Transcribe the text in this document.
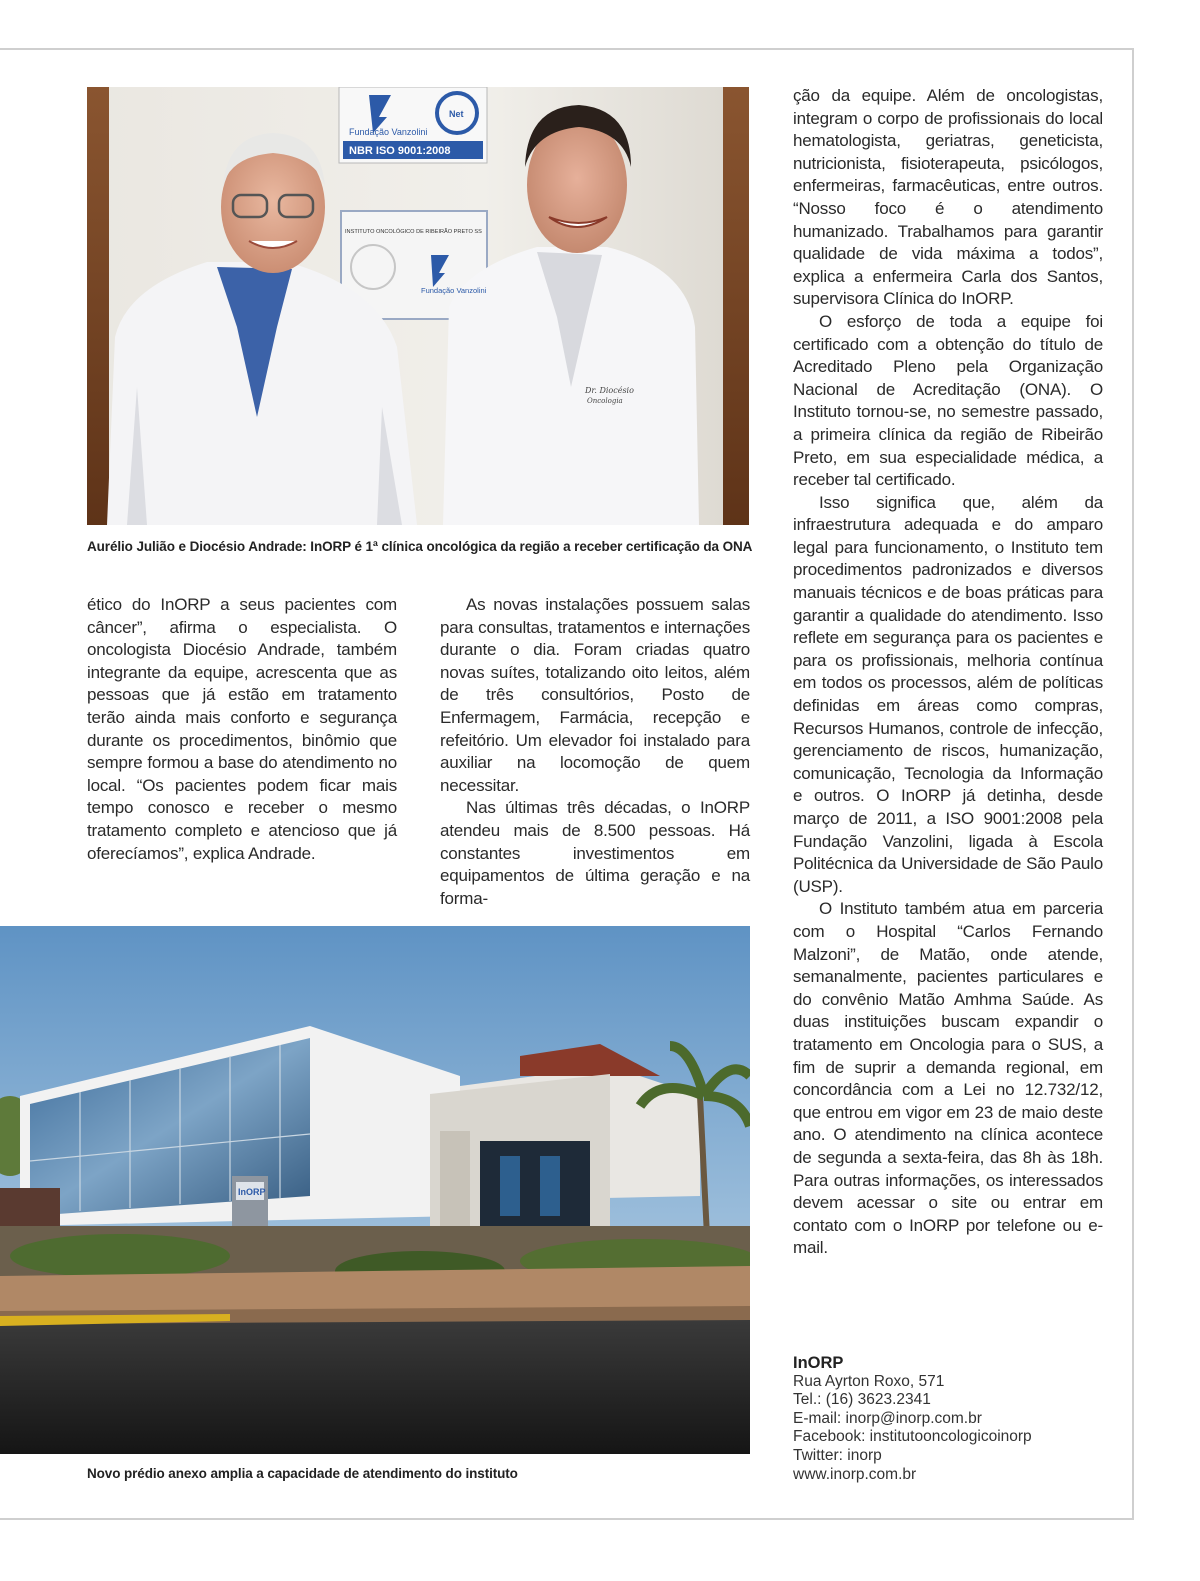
Dr. Diocésio
Oncologia
Fundação Vanzolini
NBR ISO 9001:2008
Net
INSTITUTO ONCOLÓGICO DE RIBEIRÃO PRETO SS
Fundação Vanzolini
Aurélio Julião e Diocésio Andrade: InORP é 1ª clínica oncológica da região a receber certificação da ONA

ético do InORP a seus pacientes com câncer”, afirma o especialista. O oncologista Diocésio Andrade, também integrante da equipe, acrescenta que as pessoas que já estão em tratamento terão ainda mais conforto e segurança durante os procedimentos, binômio que sempre formou a base do atendimento no local. “Os pacientes podem ficar mais tempo conosco e receber o mesmo tratamento completo e atencioso que já oferecíamos”, explica Andrade.

As novas instalações possuem salas para consultas, tratamentos e internações durante o dia. Foram criadas quatro novas suítes, totalizando oito leitos, além de três consultórios, Posto de Enfermagem, Farmácia, recepção e refeitório. Um elevador foi instalado para auxiliar na locomoção de quem necessitar.

Nas últimas três décadas, o InORP atendeu mais de 8.500 pessoas. Há constantes investimentos em equipamentos de última geração e na forma-

ção da equipe. Além de oncologistas, integram o corpo de profissionais do local hematologista, geriatras, geneticista, nutricionista, fisioterapeuta, psicólogos, enfermeiras, farmacêuticas, entre outros. “Nosso foco é o atendimento humanizado. Trabalhamos para garantir qualidade de vida máxima a todos”, explica a enfermeira Carla dos Santos, supervisora Clínica do InORP.

O esforço de toda a equipe foi certificado com a obtenção do título de Acreditado Pleno pela Organização Nacional de Acreditação (ONA). O Instituto tornou-se, no semestre passado, a primeira clínica da região de Ribeirão Preto, em sua especialidade médica, a receber tal certificado.

Isso significa que, além da infraestrutura adequada e do amparo legal para funcionamento, o Instituto tem procedimentos padronizados e diversos manuais técnicos e de boas práticas para garantir a qualidade do atendimento. Isso reflete em segurança para os pacientes e para os profissionais, melhoria contínua em todos os processos, além de políticas definidas em áreas como compras, Recursos Humanos, controle de infecção, gerenciamento de riscos, humanização, comunicação, Tecnologia da Informação e outros. O InORP já detinha, desde março de 2011, a ISO 9001:2008 pela Fundação Vanzolini, ligada à Escola Politécnica da Universidade de São Paulo (USP).

O Instituto também atua em parceria com o Hospital “Carlos Fernando Malzoni”, de Matão, onde atende, semanalmente, pacientes particulares e do convênio Matão Amhma Saúde. As duas instituições buscam expandir o tratamento em Oncologia para o SUS, a fim de suprir a demanda regional, em concordância com a Lei no 12.732/12, que entrou em vigor em 23 de maio deste ano. O atendimento na clínica acontece de segunda a sexta-feira, das 8h às 18h. Para outras informações, os interessados devem acessar o site ou entrar em contato com o InORP por telefone ou e-mail.

InORP
Novo prédio anexo amplia a capacidade de atendimento do instituto
InORP
Rua Ayrton Roxo, 571
Tel.: (16) 3623.2341
E-mail: inorp@inorp.com.br
Facebook: institutooncologicoinorp
Twitter: inorp
www.inorp.com.br
